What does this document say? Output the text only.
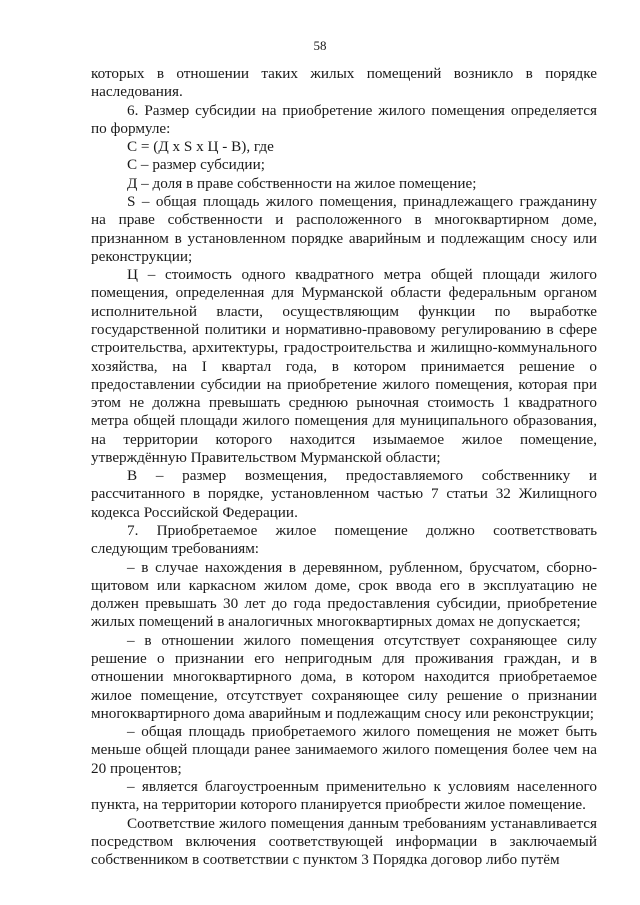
58

которых в отношении таких жилых помещений возникло в порядке наследования.

6. Размер субсидии на приобретение жилого помещения определяется по формуле:

С = (Д х S х Ц - В), где

С – размер субсидии;

Д – доля в праве собственности на жилое помещение;

S – общая площадь жилого помещения, принадлежащего гражданину на праве собственности и расположенного в многоквартирном доме, признанном в установленном порядке аварийным и подлежащим сносу или реконструкции;

Ц – стоимость одного квадратного метра общей площади жилого помещения, определенная для Мурманской области федеральным органом исполнительной власти, осуществляющим функции по выработке государственной политики и нормативно-правовому регулированию в сфере строительства, архитектуры, градостроительства и жилищно-коммунального хозяйства, на I квартал года, в котором принимается решение о предоставлении субсидии на приобретение жилого помещения, которая при этом не должна превышать среднюю рыночная стоимость 1 квадратного метра общей площади жилого помещения для муниципального образования, на территории которого находится изымаемое жилое помещение, утверждённую Правительством Мурманской области;

В – размер возмещения, предоставляемого собственнику и рассчитанного в порядке, установленном частью 7 статьи 32 Жилищного кодекса Российской Федерации.

7. Приобретаемое жилое помещение должно соответствовать следующим требованиям:

– в случае нахождения в деревянном, рубленном, брусчатом, сборно-щитовом или каркасном жилом доме, срок ввода его в эксплуатацию не должен превышать 30 лет до года предоставления субсидии, приобретение жилых помещений в аналогичных многоквартирных домах не допускается;

– в отношении жилого помещения отсутствует сохраняющее силу решение о признании его непригодным для проживания граждан, и в отношении многоквартирного дома, в котором находится приобретаемое жилое помещение, отсутствует сохраняющее силу решение о признании многоквартирного дома аварийным и подлежащим сносу или реконструкции;

– общая площадь приобретаемого жилого помещения не может быть меньше общей площади ранее занимаемого жилого помещения более чем на 20 процентов;

– является благоустроенным применительно к условиям населенного пункта, на территории которого планируется приобрести жилое помещение.

Соответствие жилого помещения данным требованиям устанавливается посредством включения соответствующей информации в заключаемый собственником в соответствии с пунктом 3 Порядка договор либо путём
